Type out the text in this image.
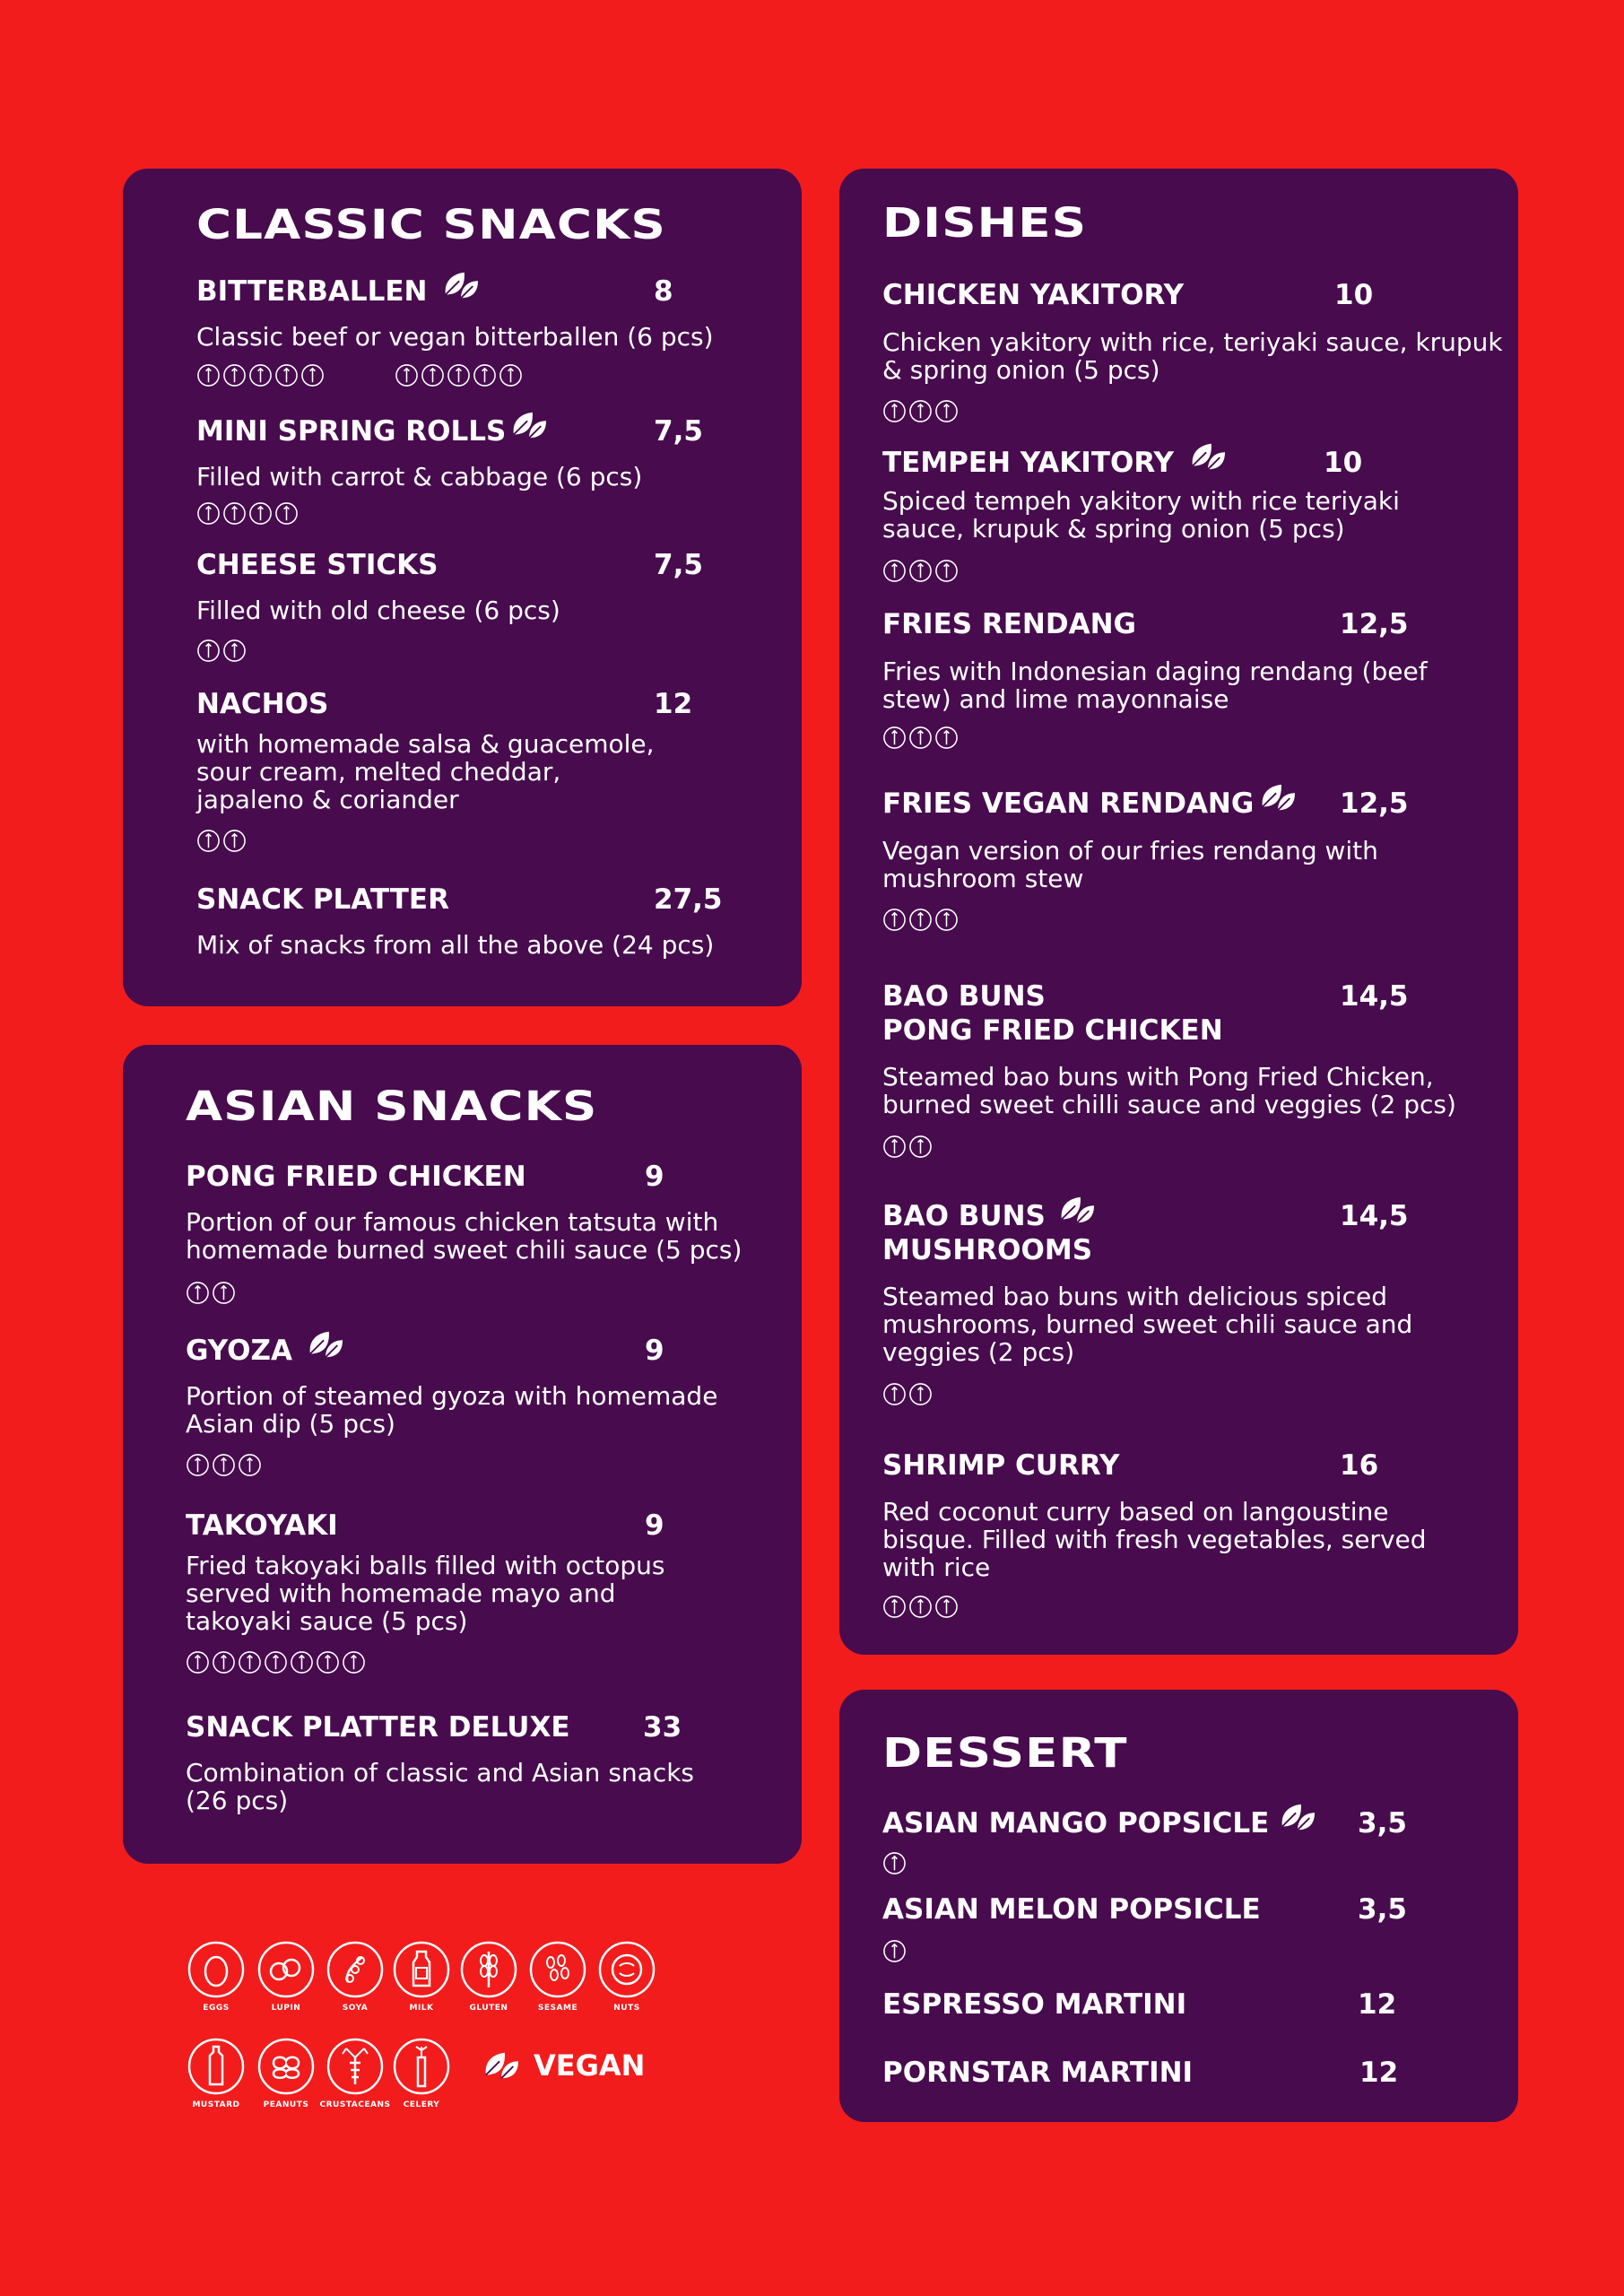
CLASSIC SNACKS
BITTERBALLEN	8
Classic beef or vegan bitterballen (6 pcs)
MINI SPRING ROLLS	7,5
Filled with carrot & cabbage (6 pcs)
CHEESE STICKS	7,5
Filled with old cheese (6 pcs)
NACHOS	12
with homemade salsa & guacemole,
sour cream, melted cheddar,
japaleno & coriander
SNACK PLATTER	27,5
Mix of snacks from all the above (24 pcs)
ASIAN SNACKS
PONG FRIED CHICKEN	9
Portion of our famous chicken tatsuta with
homemade burned sweet chili sauce (5 pcs)
GYOZA	9
Portion of steamed gyoza with homemade
Asian dip (5 pcs)
TAKOYAKI	9
Fried takoyaki balls filled with octopus
served with homemade mayo and
takoyaki sauce (5 pcs)
SNACK PLATTER DELUXE	33
Combination of classic and Asian snacks
(26 pcs)
DISHES
CHICKEN YAKITORY	10
Chicken yakitory with rice, teriyaki sauce, krupuk
& spring onion (5 pcs)
TEMPEH YAKITORY	10
Spiced tempeh yakitory with rice teriyaki
sauce, krupuk & spring onion (5 pcs)
FRIES RENDANG	12,5
Fries with Indonesian daging rendang (beef
stew) and lime mayonnaise
FRIES VEGAN RENDANG	12,5
Vegan version of our fries rendang with
mushroom stew
BAO BUNS
PONG FRIED CHICKEN
14,5
Steamed bao buns with Pong Fried Chicken,
burned sweet chilli sauce and veggies (2 pcs)
BAO BUNS
MUSHROOMS
14,5
Steamed bao buns with delicious spiced
mushrooms, burned sweet chili sauce and
veggies (2 pcs)
SHRIMP CURRY	16
Red coconut curry based on langoustine
bisque. Filled with fresh vegetables, served
with rice
DESSERT
ASIAN MANGO POPSICLE	3,5
ASIAN MELON POPSICLE	3,5
ESPRESSO MARTINI	12
PORNSTAR MARTINI	12
EGGS	LUPIN	SOYA	MILK	GLUTEN	SESAME	NUTS
MUSTARD	PEANUTS	CRUSTACEANS	CELERY
VEGAN
